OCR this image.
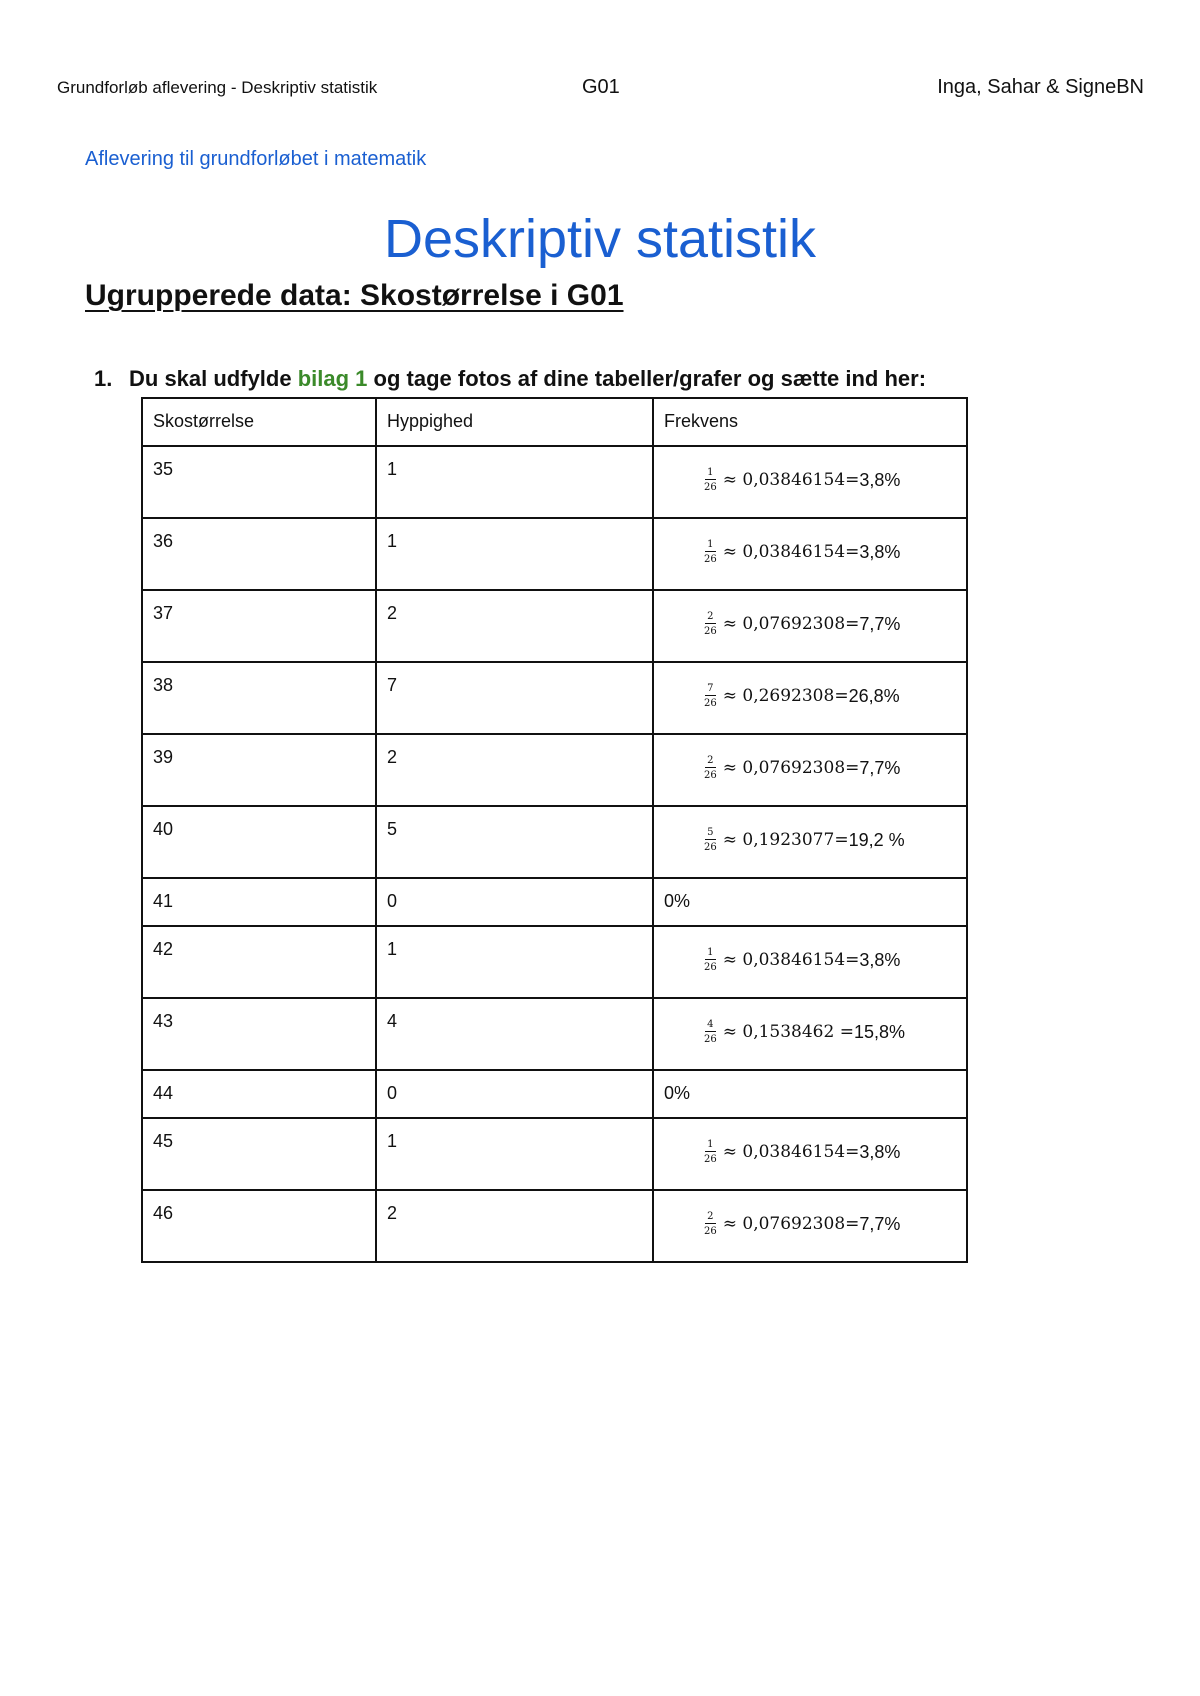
Grundforløb aflevering - Deskriptiv statistik	G01	Inga, Sahar & SigneBN
Aflevering til grundforløbet i matematik
Deskriptiv statistik
Ugrupperede data: Skostørrelse i G01
1. Du skal udfylde bilag 1 og tage fotos af dine tabeller/grafer og sætte ind her:
Skostørrelse	Hyppighed	Frekvens
35	1	$\frac{1}{26} \approx 0,03846154= 3,8\%$

36	1	$\frac{1}{26} \approx 0,03846154= 3,8\%$

37	2	$\frac{2}{26} \approx 0,07692308= 7,7\%$

38	7	$\frac{7}{26} \approx 0,2692308= 26,8\%$

39	2	$\frac{2}{26} \approx 0,07692308= 7,7\%$

40	5	$\frac{5}{26} \approx 0,1923077= 19,2$ %

41	0	0%
42	1	$\frac{1}{26} \approx 0,03846154= 3,8\%$

43	4	$\frac{4}{26} \approx 0,1538462 = 15,8\%$

44	0	0%
45	1	$\frac{1}{26} \approx 0,03846154= 3,8\%$

46	2	$\frac{2}{26} \approx 0,07692308= 7,7\%$
